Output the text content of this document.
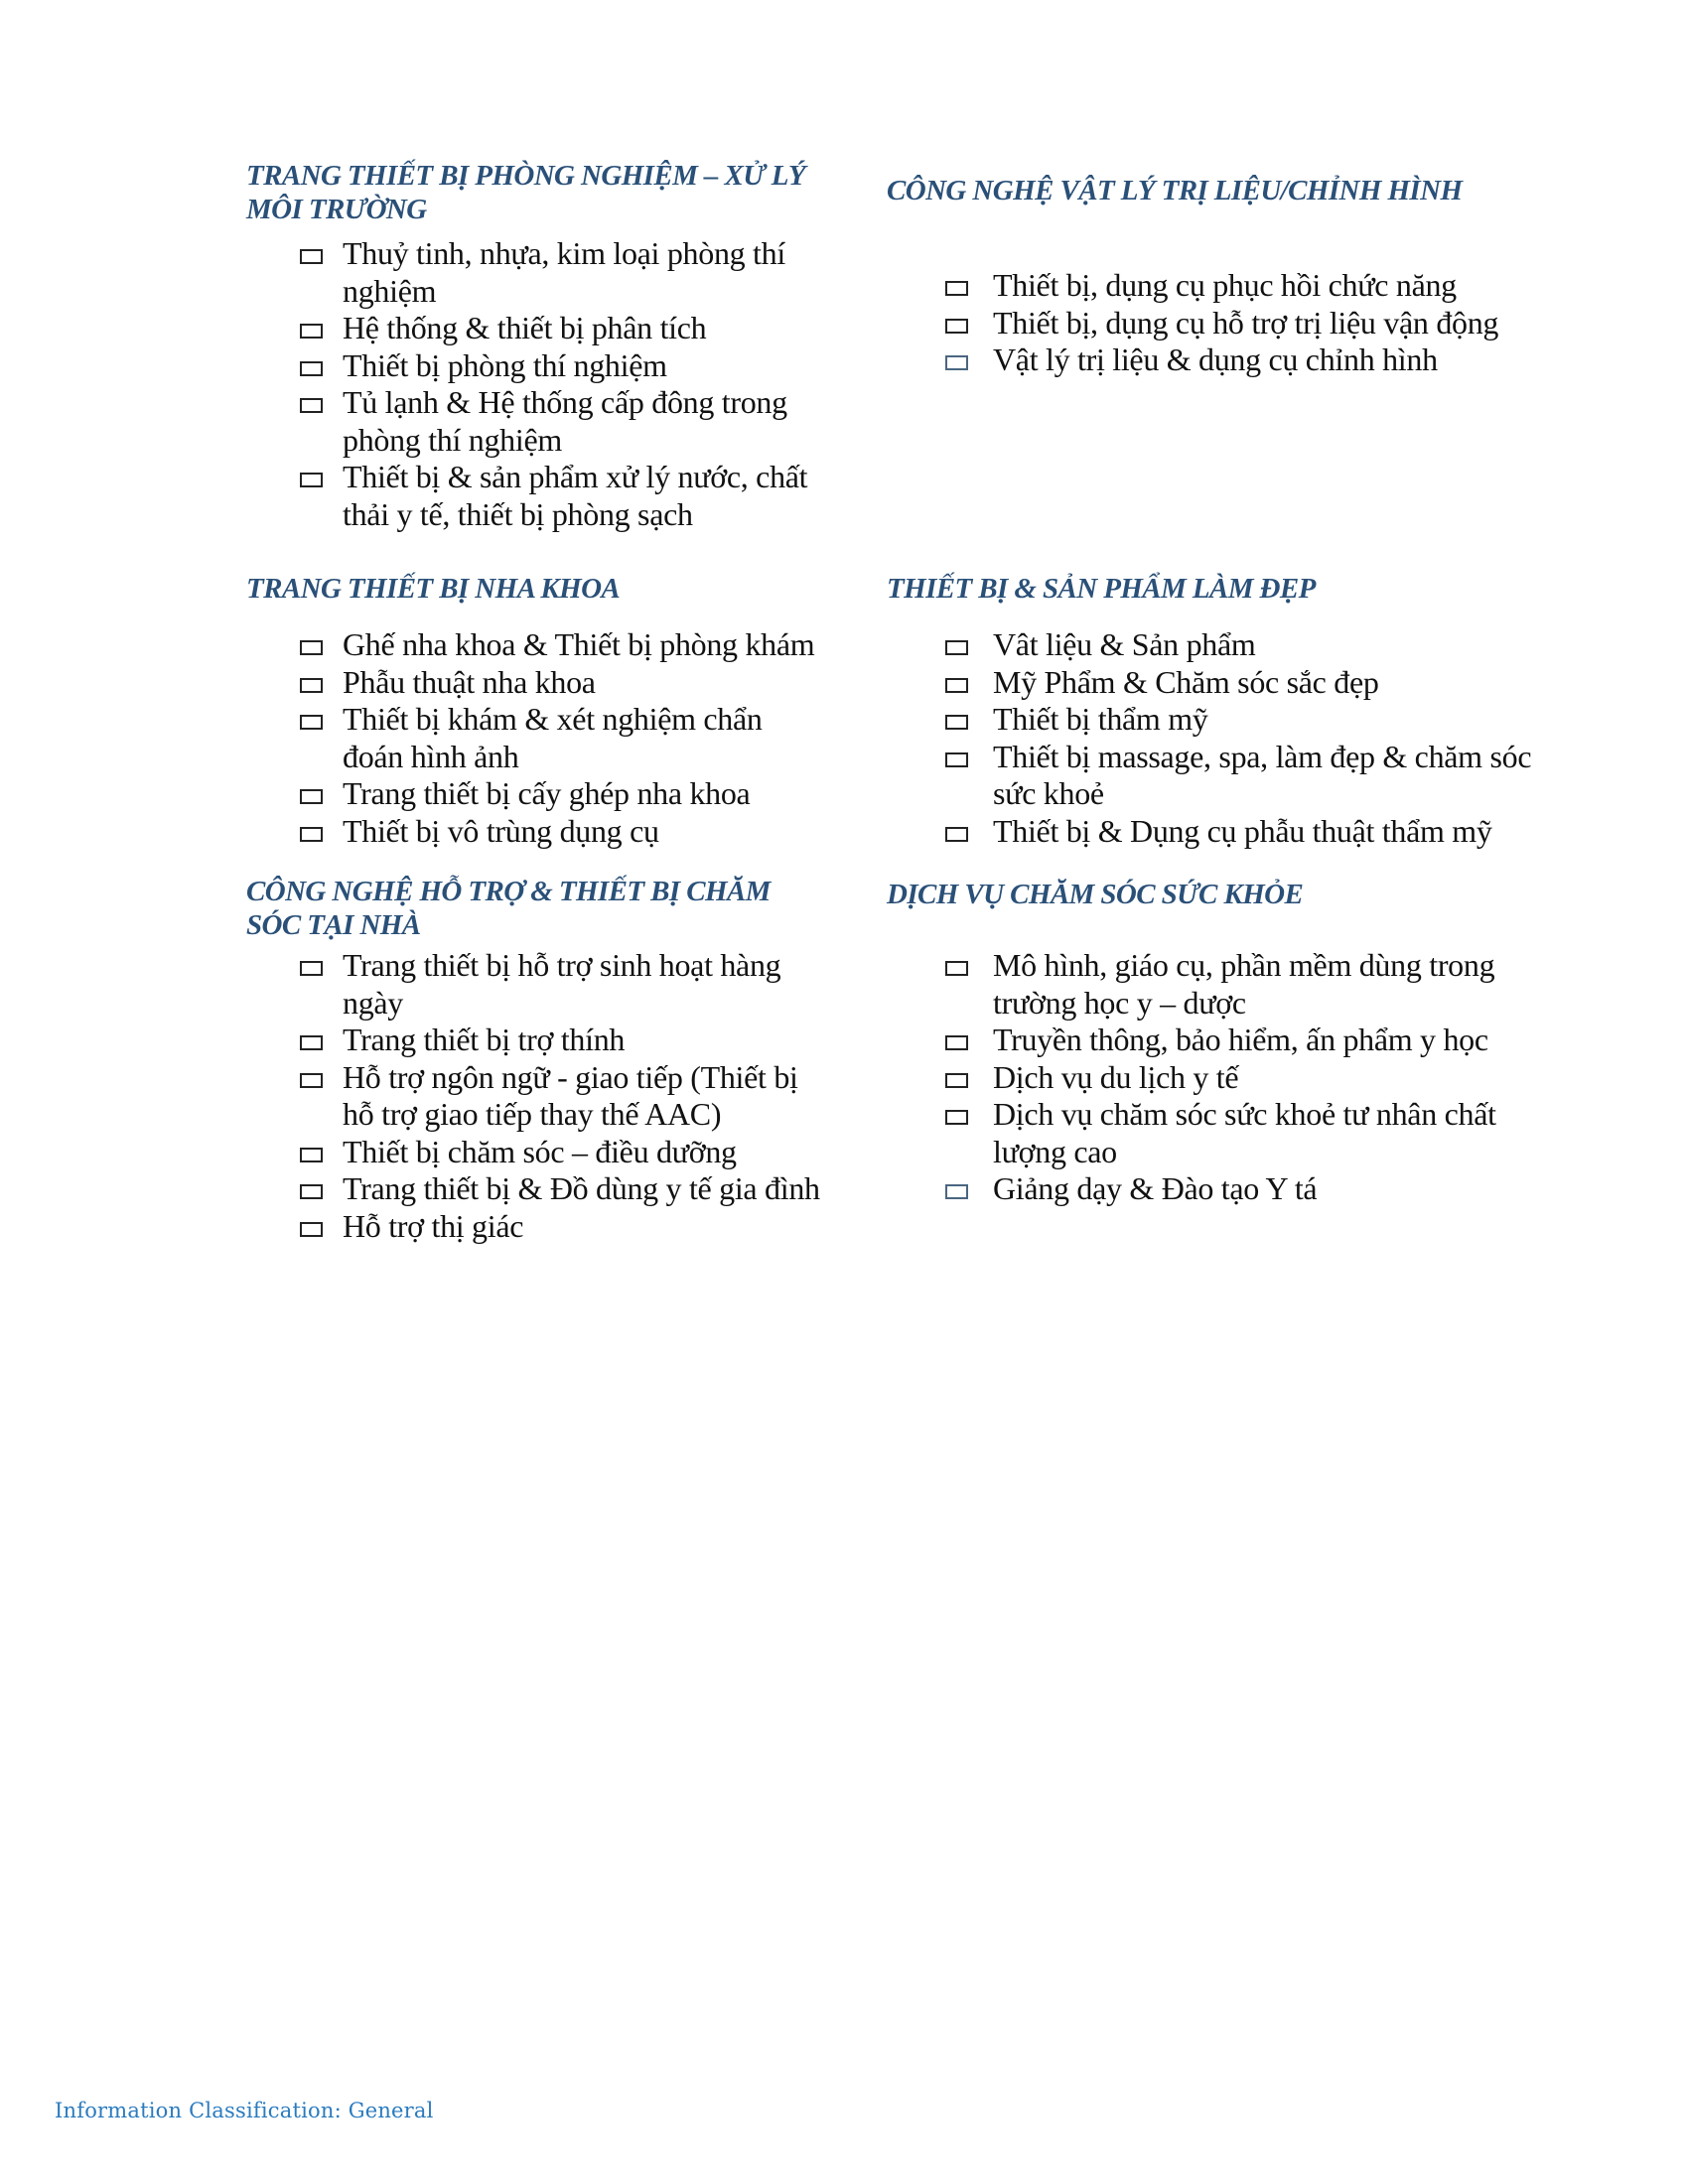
TRANG THIẾT BỊ PHÒNG NGHIỆM – XỬ LÝ
MÔI TRƯỜNG
Thuỷ tinh, nhựa, kim loại phòng thí
nghiệm
Hệ thống & thiết bị phân tích
Thiết bị phòng thí nghiệm
Tủ lạnh & Hệ thống cấp đông trong
phòng thí nghiệm
Thiết bị & sản phẩm xử lý nước, chất
thải y tế, thiết bị phòng sạch
CÔNG NGHỆ VẬT LÝ TRỊ LIỆU/CHỈNH HÌNH
Thiết bị, dụng cụ phục hồi chức năng
Thiết bị, dụng cụ hỗ trợ trị liệu vận động
Vật lý trị liệu & dụng cụ chỉnh hình
TRANG THIẾT BỊ NHA KHOA
Ghế nha khoa & Thiết bị phòng khám
Phẫu thuật nha khoa
Thiết bị khám & xét nghiệm chẩn
đoán hình ảnh
Trang thiết bị cấy ghép nha khoa
Thiết bị vô trùng dụng cụ
THIẾT BỊ & SẢN PHẨM LÀM ĐẸP
Vât liệu & Sản phẩm
Mỹ Phẩm & Chăm sóc sắc đẹp
Thiết bị thẩm mỹ
Thiết bị massage, spa, làm đẹp & chăm sóc
sức khoẻ
Thiết bị & Dụng cụ phẫu thuật thẩm mỹ
CÔNG NGHỆ HỖ TRỢ & THIẾT BỊ CHĂM
SÓC TẠI NHÀ
Trang thiết bị hỗ trợ sinh hoạt hàng
ngày
Trang thiết bị trợ thính
Hỗ trợ ngôn ngữ - giao tiếp (Thiết bị
hỗ trợ giao tiếp thay thế AAC)
Thiết bị chăm sóc – điều dưỡng
Trang thiết bị & Đồ dùng y tế gia đình
Hỗ trợ thị giác
DỊCH VỤ CHĂM SÓC SỨC KHỎE
Mô hình, giáo cụ, phần mềm dùng trong
trường học y – dược
Truyền thông, bảo hiểm, ấn phẩm y học
Dịch vụ du lịch y tế
Dịch vụ chăm sóc sức khoẻ tư nhân chất
lượng cao
Giảng dạy & Đào tạo Y tá
Information Classification: General
